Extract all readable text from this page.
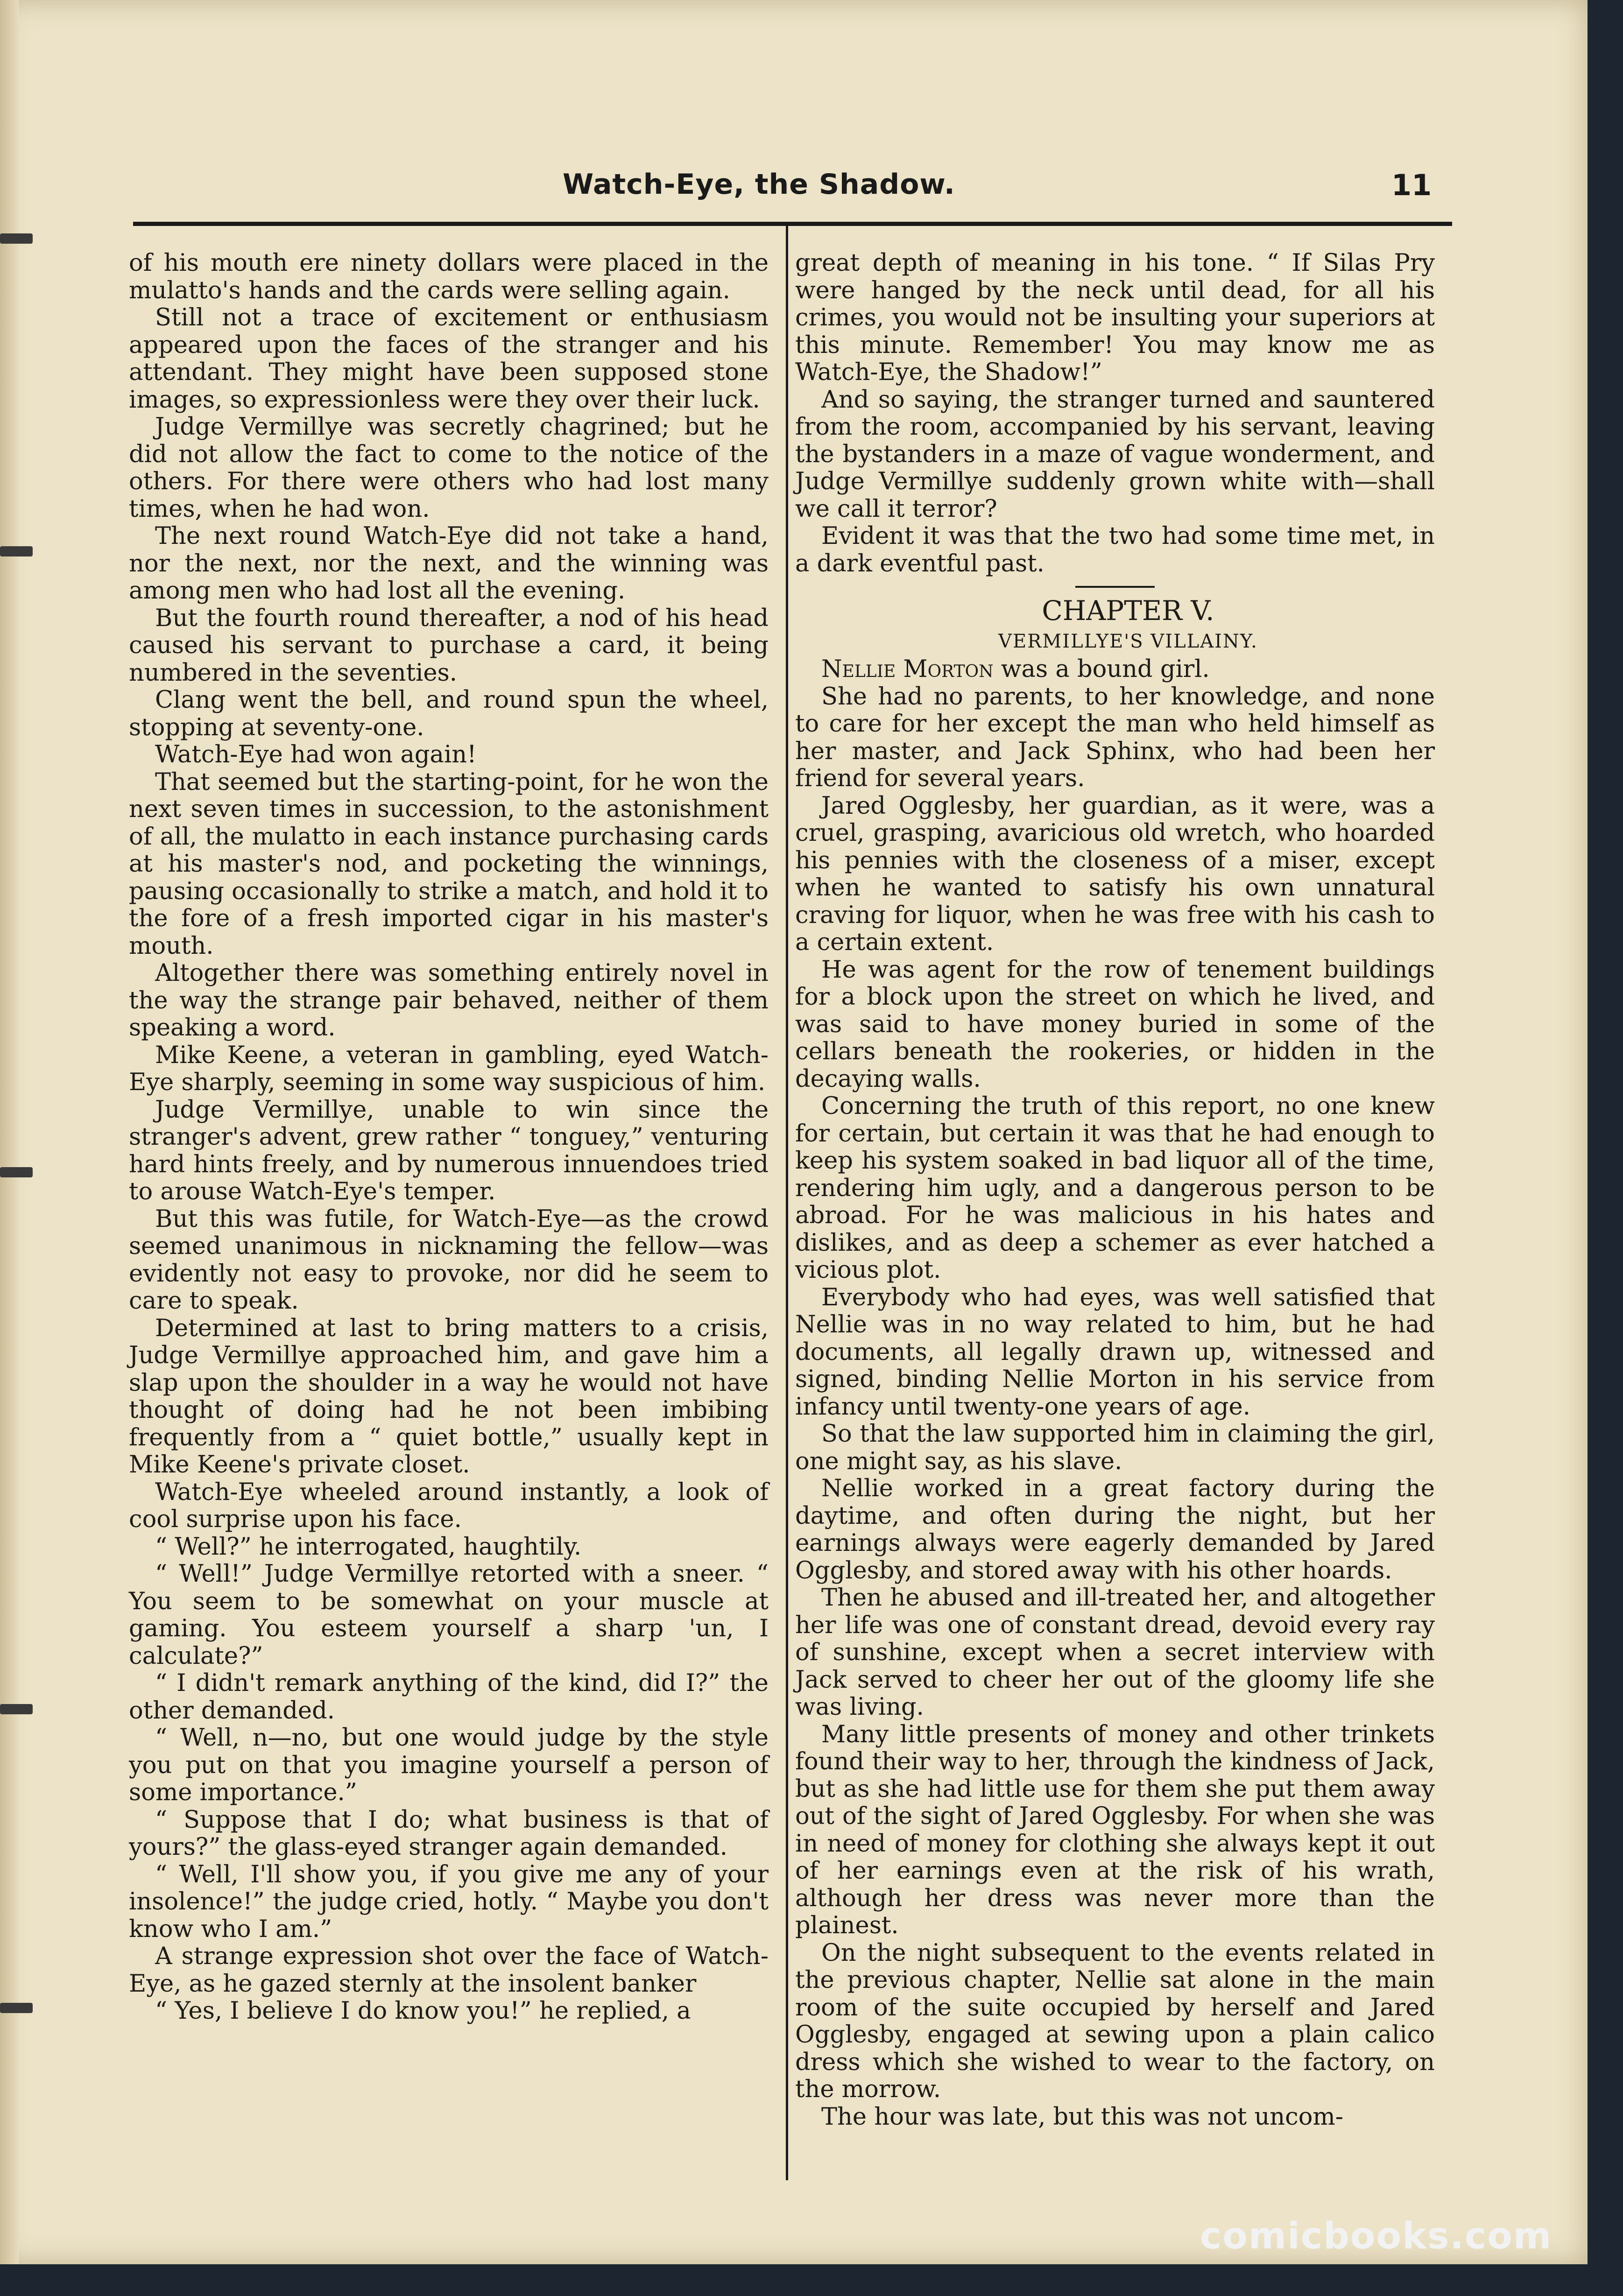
Watch-Eye, the Shadow.	11

of his mouth ere ninety dollars were placed in the mulatto's hands and the cards were selling again.

Still not a trace of excitement or enthusiasm appeared upon the faces of the stranger and his attendant. They might have been supposed stone images, so expressionless were they over their luck.

Judge Vermillye was secretly chagrined; but he did not allow the fact to come to the notice of the others. For there were others who had lost many times, when he had won.

The next round Watch-Eye did not take a hand, nor the next, nor the next, and the winning was among men who had lost all the evening.

But the fourth round thereafter, a nod of his head caused his servant to purchase a card, it being numbered in the seventies.

Clang went the bell, and round spun the wheel, stopping at seventy-one.

Watch-Eye had won again!

That seemed but the starting-point, for he won the next seven times in succession, to the astonishment of all, the mulatto in each instance purchasing cards at his master's nod, and pocketing the winnings, pausing occasionally to strike a match, and hold it to the fore of a fresh imported cigar in his master's mouth.

Altogether there was something entirely novel in the way the strange pair behaved, neither of them speaking a word.

Mike Keene, a veteran in gambling, eyed Watch-Eye sharply, seeming in some way suspicious of him.

Judge Vermillye, unable to win since the stranger's advent, grew rather “ tonguey,” venturing hard hints freely, and by numerous innuendoes tried to arouse Watch-Eye's temper.

But this was futile, for Watch-Eye—as the crowd seemed unanimous in nicknaming the fellow—was evidently not easy to provoke, nor did he seem to care to speak.

Determined at last to bring matters to a crisis, Judge Vermillye approached him, and gave him a slap upon the shoulder in a way he would not have thought of doing had he not been imbibing frequently from a “ quiet bottle,” usually kept in Mike Keene's private closet.

Watch-Eye wheeled around instantly, a look of cool surprise upon his face.

“ Well?” he interrogated, haughtily.

“ Well!” Judge Vermillye retorted with a sneer. “ You seem to be somewhat on your muscle at gaming. You esteem yourself a sharp 'un, I calculate?”

“ I didn't remark anything of the kind, did I?” the other demanded.

“ Well, n—no, but one would judge by the style you put on that you imagine yourself a person of some importance.”

“ Suppose that I do; what business is that of yours?” the glass-eyed stranger again demanded.

“ Well, I'll show you, if you give me any of your insolence!” the judge cried, hotly. “ Maybe you don't know who I am.”

A strange expression shot over the face of Watch-Eye, as he gazed sternly at the insolent banker

“ Yes, I believe I do know you!” he replied, a

great depth of meaning in his tone. “ If Silas Pry were hanged by the neck until dead, for all his crimes, you would not be insulting your superiors at this minute. Remember! You may know me as Watch-Eye, the Shadow!”

And so saying, the stranger turned and sauntered from the room, accompanied by his servant, leaving the bystanders in a maze of vague wonderment, and Judge Vermillye suddenly grown white with—shall we call it terror?

Evident it was that the two had some time met, in a dark eventful past.

CHAPTER V.

VERMILLYE'S VILLAINY.

Nellie Morton was a bound girl.

She had no parents, to her knowledge, and none to care for her except the man who held himself as her master, and Jack Sphinx, who had been her friend for several years.

Jared Ogglesby, her guardian, as it were, was a cruel, grasping, avaricious old wretch, who hoarded his pennies with the closeness of a miser, except when he wanted to satisfy his own unnatural craving for liquor, when he was free with his cash to a certain extent.

He was agent for the row of tenement buildings for a block upon the street on which he lived, and was said to have money buried in some of the cellars beneath the rookeries, or hidden in the decaying walls.

Concerning the truth of this report, no one knew for certain, but certain it was that he had enough to keep his system soaked in bad liquor all of the time, rendering him ugly, and a dangerous person to be abroad. For he was malicious in his hates and dislikes, and as deep a schemer as ever hatched a vicious plot.

Everybody who had eyes, was well satisfied that Nellie was in no way related to him, but he had documents, all legally drawn up, witnessed and signed, binding Nellie Morton in his service from infancy until twenty-one years of age.

So that the law supported him in claiming the girl, one might say, as his slave.

Nellie worked in a great factory during the daytime, and often during the night, but her earnings always were eagerly demanded by Jared Ogglesby, and stored away with his other hoards.

Then he abused and ill-treated her, and altogether her life was one of constant dread, devoid every ray of sunshine, except when a secret interview with Jack served to cheer her out of the gloomy life she was living.

Many little presents of money and other trinkets found their way to her, through the kindness of Jack, but as she had little use for them she put them away out of the sight of Jared Ogglesby. For when she was in need of money for clothing she always kept it out of her earnings even at the risk of his wrath, although her dress was never more than the plainest.

On the night subsequent to the events related in the previous chapter, Nellie sat alone in the main room of the suite occupied by herself and Jared Ogglesby, engaged at sewing upon a plain calico dress which she wished to wear to the factory, on the morrow.

The hour was late, but this was not uncom-

comicbooks.com
